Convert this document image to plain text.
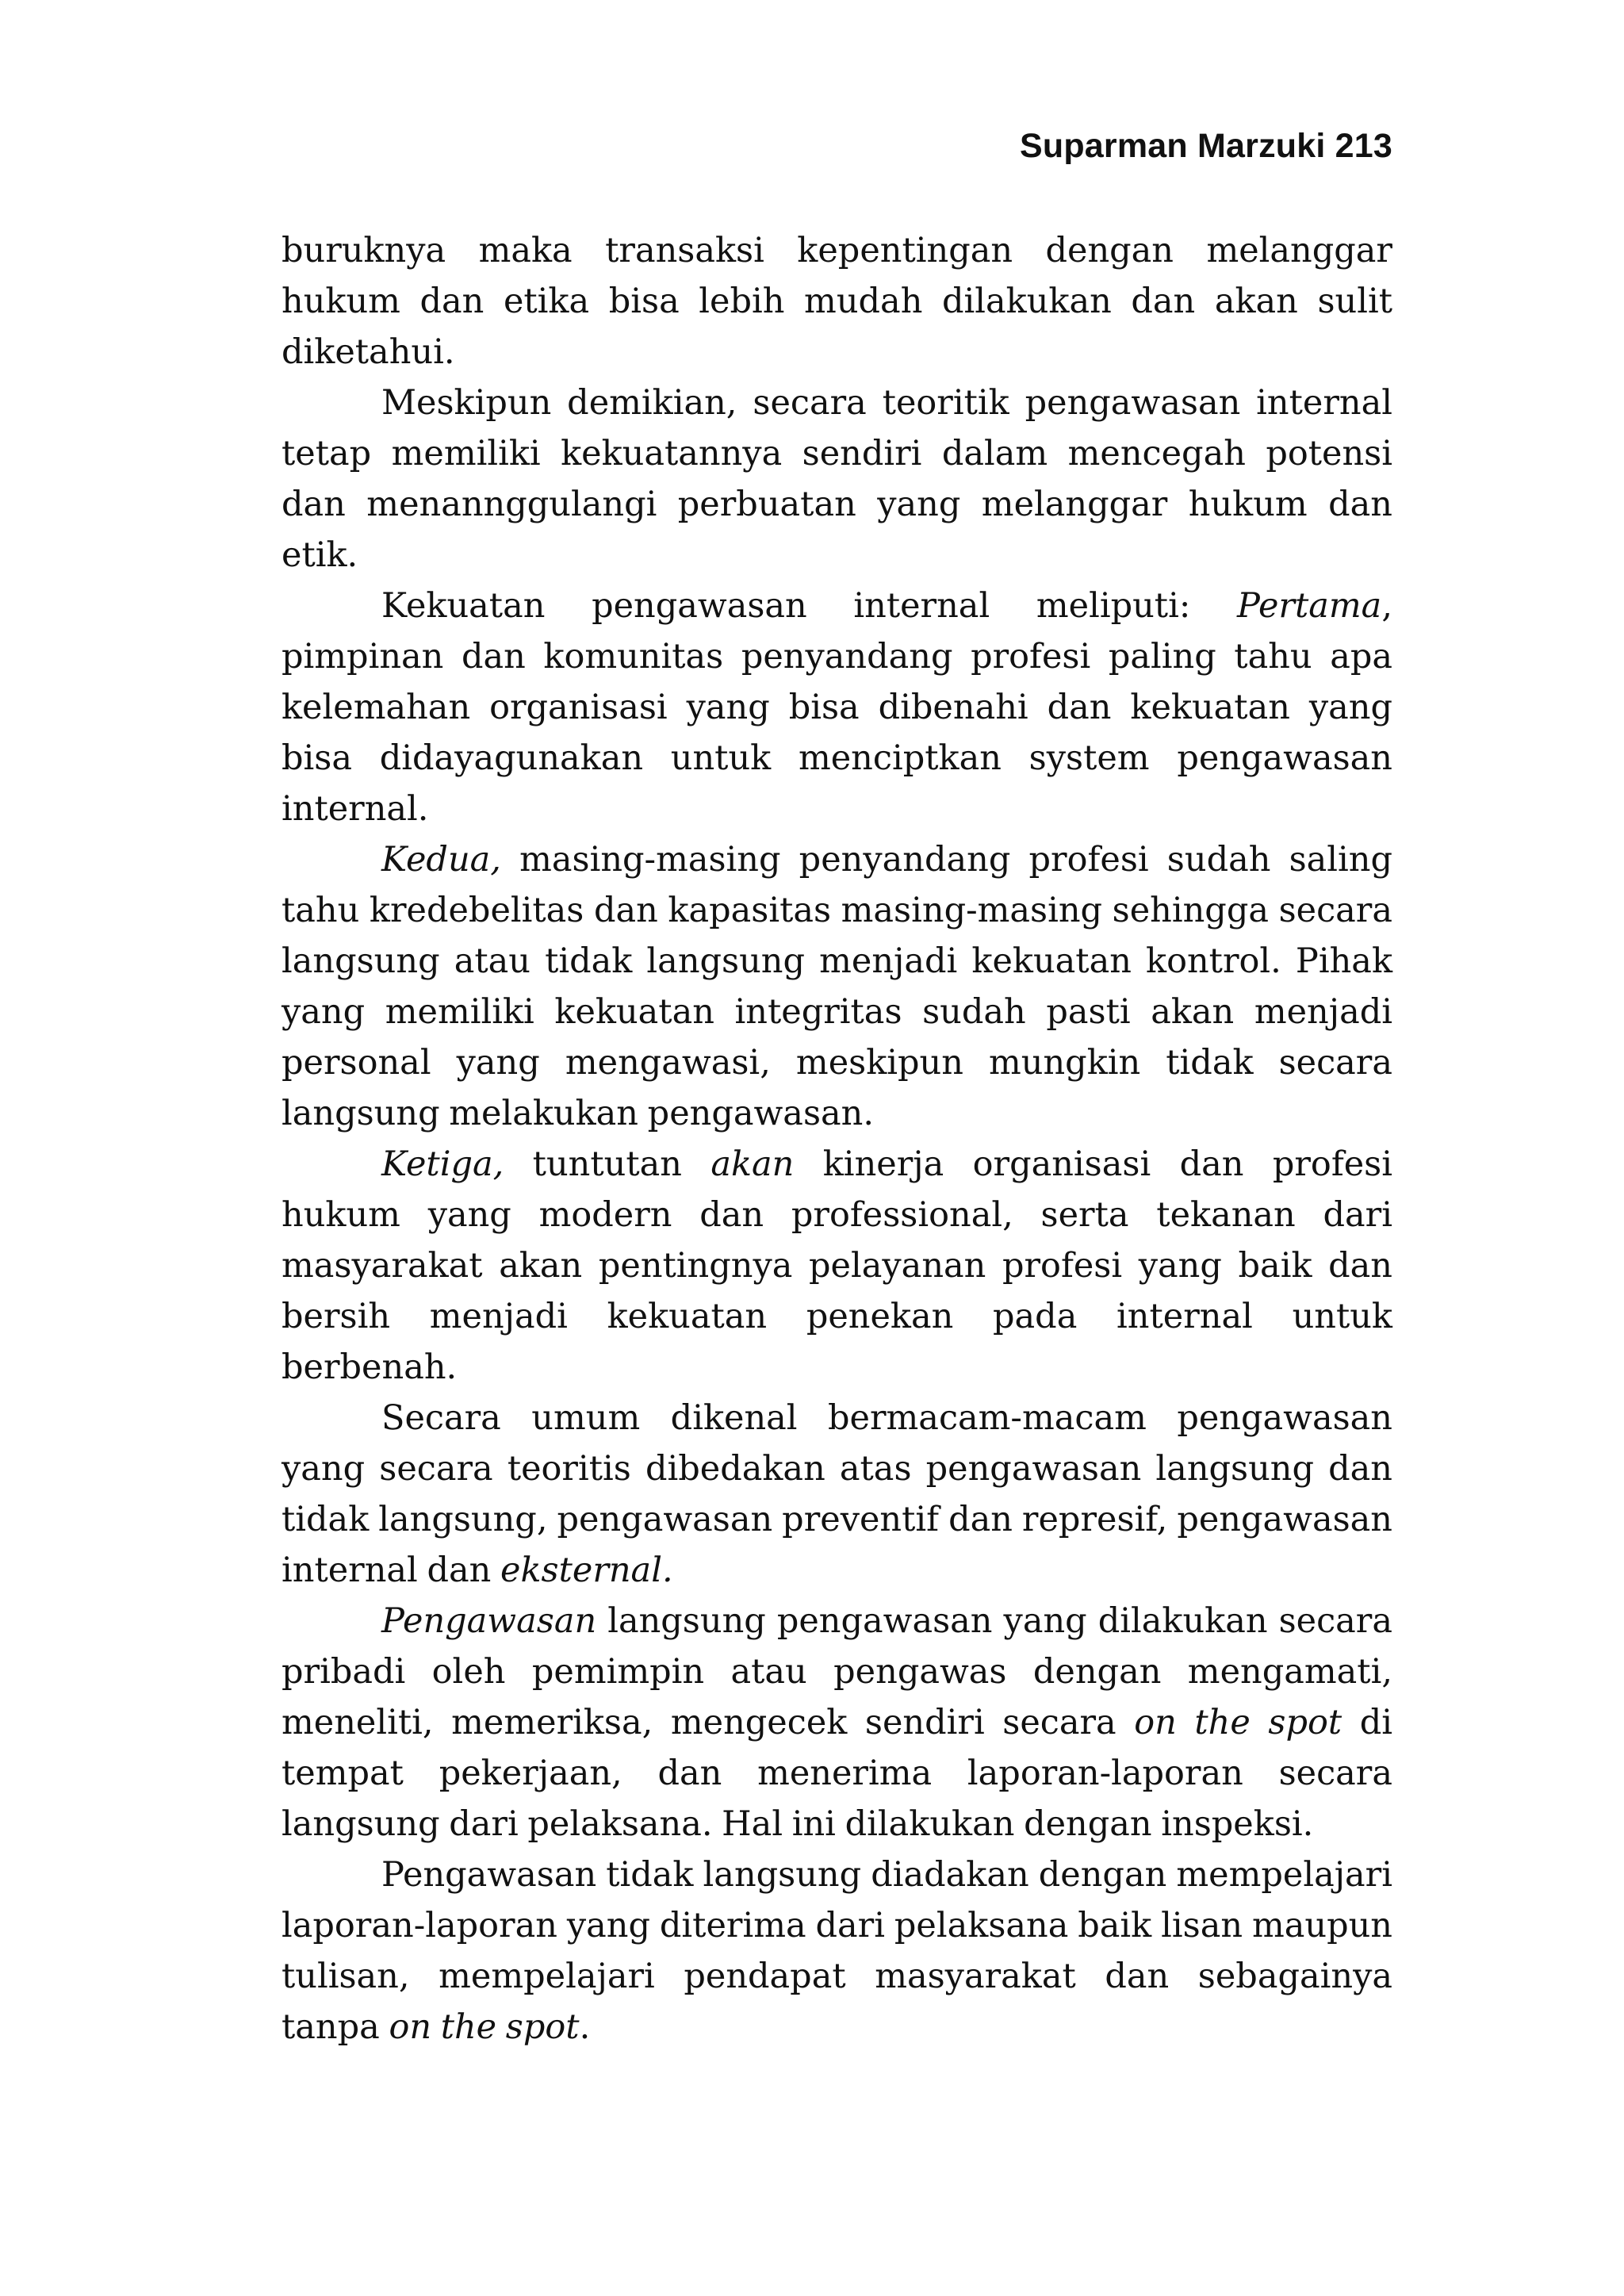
Suparman Marzuki 213

buruknya maka transaksi kepentingan dengan melanggar hukum dan etika bisa lebih mudah dilakukan dan akan sulit diketahui.

Meskipun demikian, secara teoritik pengawasan internal tetap memiliki kekuatannya sendiri dalam mencegah potensi dan menannggulangi perbuatan yang melanggar hukum dan etik.

Kekuatan pengawasan internal meliputi: Pertama, pimpinan dan komunitas penyandang profesi paling tahu apa kelemahan organisasi yang bisa dibenahi dan kekuatan yang bisa didayagunakan untuk menciptkan system pengawasan internal.

Kedua, masing-masing penyandang profesi sudah saling tahu kredebelitas dan kapasitas masing-masing sehingga secara langsung atau tidak langsung menjadi kekuatan kontrol. Pihak yang memiliki kekuatan integritas sudah pasti akan menjadi personal yang mengawasi, meskipun mungkin tidak secara langsung melakukan pengawasan.

Ketiga, tuntutan akan kinerja organisasi dan profesi hukum yang modern dan professional, serta tekanan dari masyarakat akan pentingnya pelayanan profesi yang baik dan bersih menjadi kekuatan penekan pada internal untuk berbenah.

Secara umum dikenal bermacam-macam pengawasan yang secara teoritis dibedakan atas pengawasan langsung dan tidak langsung, pengawasan preventif dan represif, pengawasan internal dan eksternal.

Pengawasan langsung pengawasan yang dilakukan secara pribadi oleh pemimpin atau pengawas dengan mengamati, meneliti, memeriksa, mengecek sendiri secara on the spot di tempat pekerjaan, dan menerima laporan-laporan secara langsung dari pelaksana. Hal ini dilakukan dengan inspeksi.

Pengawasan tidak langsung diadakan dengan mempelajari laporan-laporan yang diterima dari pelaksana baik lisan maupun tulisan, mempelajari pendapat masyarakat dan sebagainya tanpa on the spot.
